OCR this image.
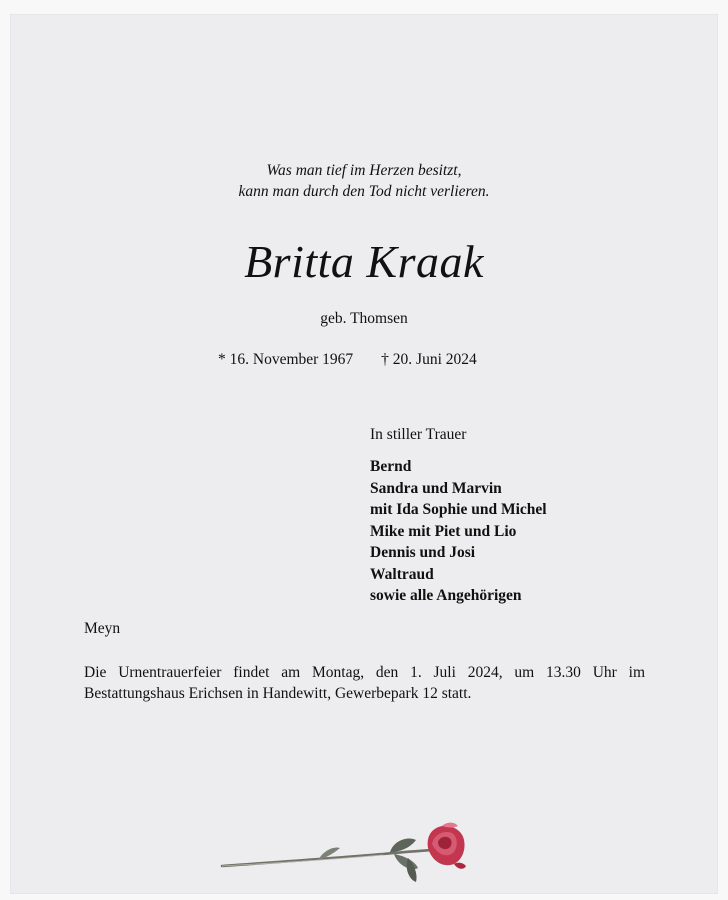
Was man tief im Herzen besitzt,
kann man durch den Tod nicht verlieren.
Britta Kraak
geb. Thomsen
* 16. November 1967 † 20. Juni 2024
In stiller Trauer
Bernd
Sandra und Marvin
mit Ida Sophie und Michel
Mike mit Piet und Lio
Dennis und Josi
Waltraud
sowie alle Angehörigen
Meyn
Die Urnentrauerfeier findet am Montag, den 1. Juli 2024, um 13.30 Uhr im Bestattungshaus Erichsen in Handewitt, Gewerbepark 12 statt.
